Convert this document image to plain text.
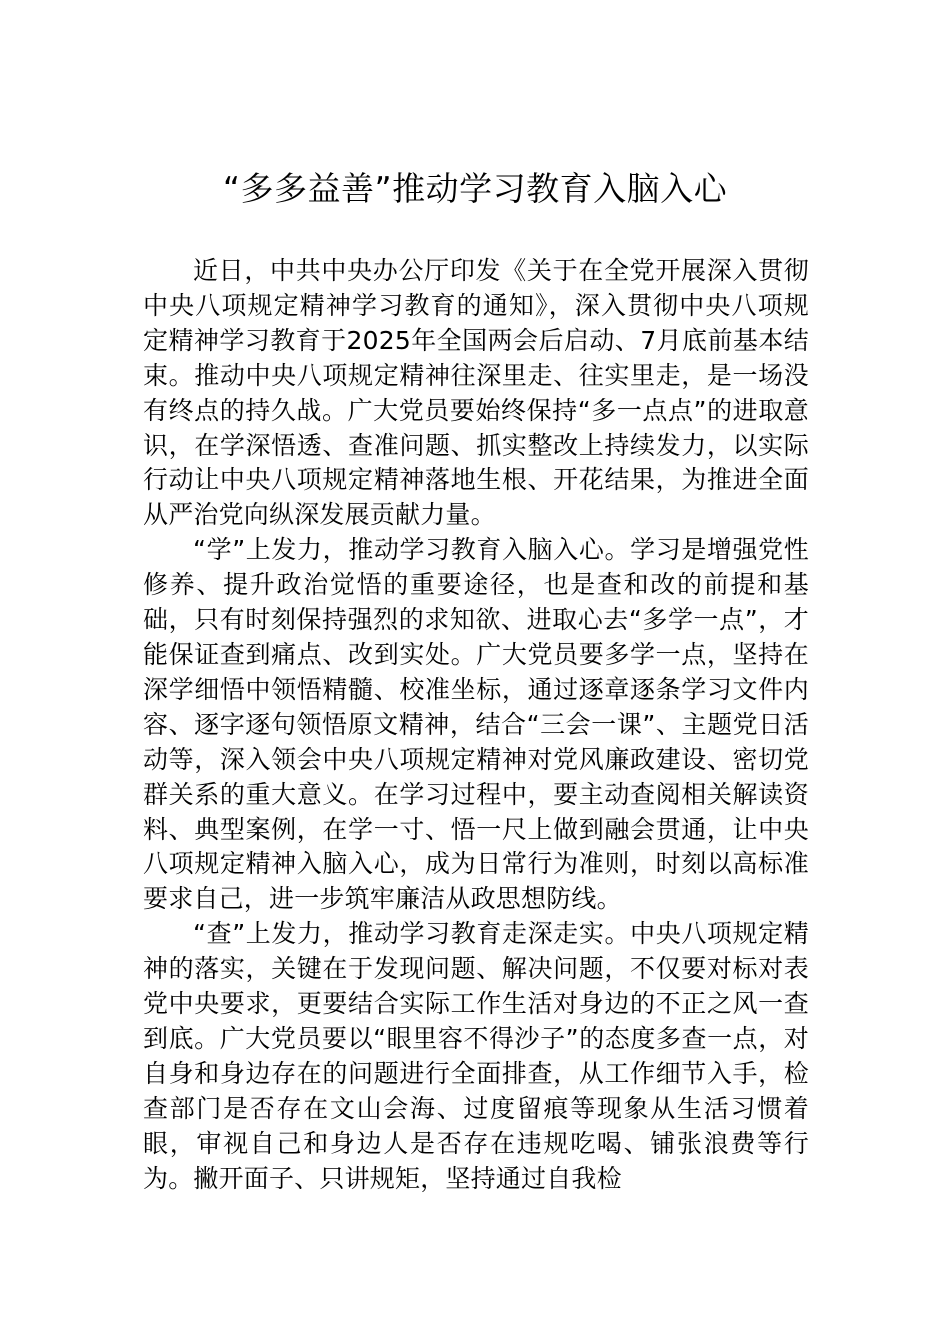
“多多益善”推动学习教育入脑入心

近日，中共中央办公厅印发《关于在全党开展深入贯彻中央八项规定精神学习教育的通知》，深入贯彻中央八项规定精神学习教育于2025年全国两会后启动、7月底前基本结束。推动中央八项规定精神往深里走、往实里走，是一场没有终点的持久战。广大党员要始终保持“多一点点”的进取意识，在学深悟透、查准问题、抓实整改上持续发力，以实际行动让中央八项规定精神落地生根、开花结果，为推进全面从严治党向纵深发展贡献力量。

“学”上发力，推动学习教育入脑入心。学习是增强党性修养、提升政治觉悟的重要途径，也是查和改的前提和基础，只有时刻保持强烈的求知欲、进取心去“多学一点”，才能保证查到痛点、改到实处。广大党员要多学一点，坚持在深学细悟中领悟精髓、校准坐标，通过逐章逐条学习文件内容、逐字逐句领悟原文精神，结合“三会一课”、主题党日活动等，深入领会中央八项规定精神对党风廉政建设、密切党群关系的重大意义。在学习过程中，要主动查阅相关解读资料、典型案例，在学一寸、悟一尺上做到融会贯通，让中央八项规定精神入脑入心，成为日常行为准则，时刻以高标准要求自己，进一步筑牢廉洁从政思想防线。

“查”上发力，推动学习教育走深走实。中央八项规定精神的落实，关键在于发现问题、解决问题，不仅要对标对表党中央要求，更要结合实际工作生活对身边的不正之风一查到底。广大党员要以“眼里容不得沙子”的态度多查一点，对自身和身边存在的问题进行全面排查，从工作细节入手，检查部门是否存在文山会海、过度留痕等现象从生活习惯着眼，审视自己和身边人是否存在违规吃喝、铺张浪费等行为。撇开面子、只讲规矩，坚持通过自我检
